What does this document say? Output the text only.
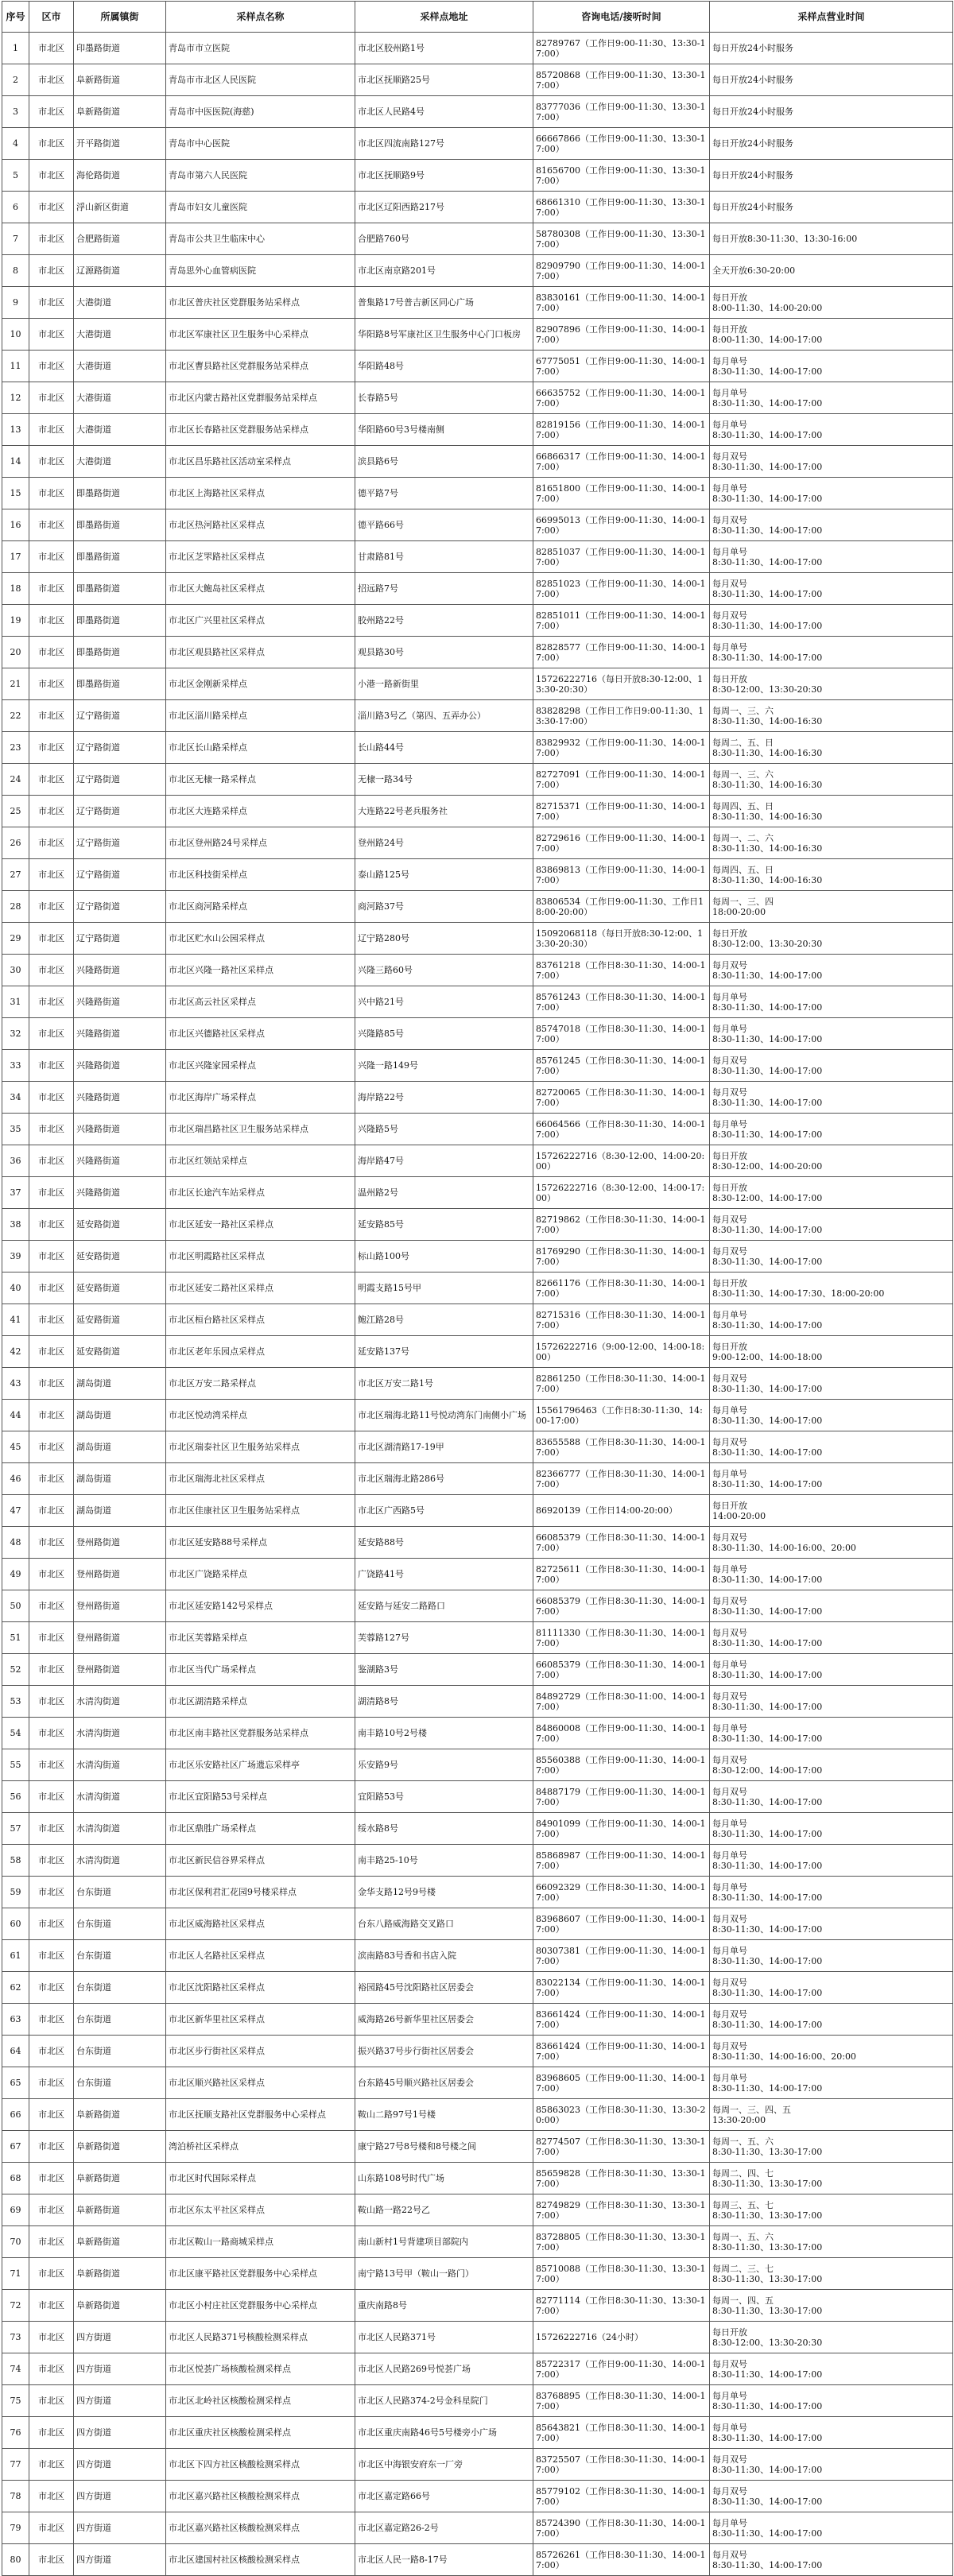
序号	区市	所属镇街	采样点名称	采样点地址	咨询电话/接听时间	采样点营业时间
1	市北区	印墨路街道	青岛市市立医院	市北区胶州路1号	82789767（工作日9:00-11:30、13:30-17:00）	每日开放24小时服务
2	市北区	阜新路街道	青岛市市北区人民医院	市北区抚顺路25号	85720868（工作日9:00-11:30、13:30-17:00）	每日开放24小时服务
3	市北区	阜新路街道	青岛市中医医院(海慈)	市北区人民路4号	83777036（工作日9:00-11:30、13:30-17:00）	每日开放24小时服务
4	市北区	开平路街道	青岛市中心医院	市北区四流南路127号	66667866（工作日9:00-11:30、13:30-17:00）	每日开放24小时服务
5	市北区	海伦路街道	青岛市第六人民医院	市北区抚顺路9号	81656700（工作日9:00-11:30、13:30-17:00）	每日开放24小时服务
6	市北区	浮山新区街道	青岛市妇女儿童医院	市北区辽阳西路217号	68661310（工作日9:00-11:30、13:30-17:00）	每日开放24小时服务
7	市北区	合肥路街道	青岛市公共卫生临床中心	合肥路760号	58780308（工作日9:00-11:30、13:30-17:00）	每日开放8:30-11:30、13:30-16:00
8	市北区	辽源路街道	青岛思外心血管病医院	市北区南京路201号	82909790（工作日9:00-11:30、14:00-17:00）	全天开放6:30-20:00
9	市北区	大港街道	市北区普庆社区党群服务站采样点	普集路17号普吉新区同心广场	83830161（工作日9:00-11:30、14:00-17:00）	每日开放
8:00-11:30、14:00-20:00
10	市北区	大港街道	市北区军康社区卫生服务中心采样点	华阳路8号军康社区卫生服务中心门口板房	82907896（工作日9:00-11:30、14:00-17:00）	每日开放
8:00-11:30、14:00-17:00
11	市北区	大港街道	市北区曹县路社区党群服务站采样点	华阳路48号	67775051（工作日9:00-11:30、14:00-17:00）	每月单号
8:30-11:30、14:00-17:00
12	市北区	大港街道	市北区内蒙古路社区党群服务站采样点	长春路5号	66635752（工作日9:00-11:30、14:00-17:00）	每月单号
8:30-11:30、14:00-17:00
13	市北区	大港街道	市北区长春路社区党群服务站采样点	华阳路60号3号楼南侧	82819156（工作日9:00-11:30、14:00-17:00）	每月单号
8:30-11:30、14:00-17:00
14	市北区	大港街道	市北区昌乐路社区活动室采样点	滨县路6号	66866317（工作日9:00-11:30、14:00-17:00）	每月双号
8:30-11:30、14:00-17:00
15	市北区	即墨路街道	市北区上海路社区采样点	德平路7号	81651800（工作日9:00-11:30、14:00-17:00）	每月单号
8:30-11:30、14:00-17:00
16	市北区	即墨路街道	市北区热河路社区采样点	德平路66号	66995013（工作日9:00-11:30、14:00-17:00）	每月双号
8:30-11:30、14:00-17:00
17	市北区	即墨路街道	市北区芝罘路社区采样点	甘肃路81号	82851037（工作日9:00-11:30、14:00-17:00）	每月单号
8:30-11:30、14:00-17:00
18	市北区	即墨路街道	市北区大鲍岛社区采样点	招远路7号	82851023（工作日9:00-11:30、14:00-17:00）	每月双号
8:30-11:30、14:00-17:00
19	市北区	即墨路街道	市北区广兴里社区采样点	胶州路22号	82851011（工作日9:00-11:30、14:00-17:00）	每月双号
8:30-11:30、14:00-17:00
20	市北区	即墨路街道	市北区观县路社区采样点	观县路30号	82828577（工作日9:00-11:30、14:00-17:00）	每月单号
8:30-11:30、14:00-17:00
21	市北区	即墨路街道	市北区金刚新采样点	小港一路新街里	15726222716（每日开放8:30-12:00、13:30-20:30）	每日开放
8:30-12:00、13:30-20:30
22	市北区	辽宁路街道	市北区淄川路采样点	淄川路3号乙（第四、五弄办公）	83828298（工作日工作日9:00-11:30、13:30-17:00）	每周一、三、六
8:30-11:30、14:00-16:30
23	市北区	辽宁路街道	市北区长山路采样点	长山路44号	83829932（工作日9:00-11:30、14:00-17:00）	每周二、五、日
8:30-11:30、14:00-16:30
24	市北区	辽宁路街道	市北区无棣一路采样点	无棣一路34号	82727091（工作日9:00-11:30、14:00-17:00）	每周一、三、六
8:30-11:30、14:00-16:30
25	市北区	辽宁路街道	市北区大连路采样点	大连路22号老兵服务社	82715371（工作日9:00-11:30、14:00-17:00）	每周四、五、日
8:30-11:30、14:00-16:30
26	市北区	辽宁路街道	市北区登州路24号采样点	登州路24号	82729616（工作日9:00-11:30、14:00-17:00）	每周一、二、六
8:30-11:30、14:00-16:30
27	市北区	辽宁路街道	市北区科技街采样点	泰山路125号	83869813（工作日9:00-11:30、14:00-17:00）	每周四、五、日
8:30-11:30、14:00-16:30
28	市北区	辽宁路街道	市北区商河路采样点	商河路37号	83806534（工作日9:00-11:30、工作日18:00-20:00）	每周一、三、四
18:00-20:00
29	市北区	辽宁路街道	市北区贮水山公园采样点	辽宁路280号	15092068118（每日开放8:30-12:00、13:30-20:30）	每日开放
8:30-12:00、13:30-20:30
30	市北区	兴隆路街道	市北区兴隆一路社区采样点	兴隆三路60号	83761218（工作日8:30-11:30、14:00-17:00）	每月双号
8:30-11:30、14:00-17:00
31	市北区	兴隆路街道	市北区高云社区采样点	兴中路21号	85761243（工作日8:30-11:30、14:00-17:00）	每月单号
8:30-11:30、14:00-17:00
32	市北区	兴隆路街道	市北区兴德路社区采样点	兴隆路85号	85747018（工作日8:30-11:30、14:00-17:00）	每月单号
8:30-11:30、14:00-17:00
33	市北区	兴隆路街道	市北区兴隆家园采样点	兴隆一路149号	85761245（工作日8:30-11:30、14:00-17:00）	每月双号
8:30-11:30、14:00-17:00
34	市北区	兴隆路街道	市北区海岸广场采样点	海岸路22号	82720065（工作日8:30-11:30、14:00-17:00）	每月双号
8:30-11:30、14:00-17:00
35	市北区	兴隆路街道	市北区瑞昌路社区卫生服务站采样点	兴隆路5号	66064566（工作日8:30-11:30、14:00-17:00）	每月单号
8:30-11:30、14:00-17:00
36	市北区	兴隆路街道	市北区红领站采样点	海岸路47号	15726222716（8:30-12:00、14:00-20:00）	每日开放
8:30-12:00、14:00-20:00
37	市北区	兴隆路街道	市北区长途汽车站采样点	温州路2号	15726222716（8:30-12:00、14:00-17:00）	每日开放
8:30-12:00、14:00-17:00
38	市北区	延安路街道	市北区延安一路社区采样点	延安路85号	82719862（工作日8:30-11:30、14:00-17:00）	每月双号
8:30-11:30、14:00-17:00
39	市北区	延安路街道	市北区明霞路社区采样点	标山路100号	81769290（工作日8:30-11:30、14:00-17:00）	每月双号
8:30-11:30、14:00-17:00
40	市北区	延安路街道	市北区延安二路社区采样点	明霞支路15号甲	82661176（工作日8:30-11:30、14:00-17:00）	每日开放
8:30-11:30、14:00-17:30、18:00-20:00
41	市北区	延安路街道	市北区桓台路社区采样点	鲍江路28号	82715316（工作日8:30-11:30、14:00-17:00）	每月单号
8:30-11:30、14:00-17:00
42	市北区	延安路街道	市北区老年乐园点采样点	延安路137号	15726222716（9:00-12:00、14:00-18:00）	每日开放
9:00-12:00、14:00-18:00
43	市北区	湖岛街道	市北区万安二路采样点	市北区万安二路1号	82861250（工作日8:30-11:30、14:00-17:00）	每月双号
8:30-11:30、14:00-17:00
44	市北区	湖岛街道	市北区悦动湾采样点	市北区瑞海北路11号悦动湾东门南侧小广场	15561796463（工作日8:30-11:30、14:00-17:00）	每月单号
8:30-11:30、14:00-17:00
45	市北区	湖岛街道	市北区瑞泰社区卫生服务站采样点	市北区湖清路17-19甲	83655588（工作日8:30-11:30、14:00-17:00）	每月双号
8:30-11:30、14:00-17:00
46	市北区	湖岛街道	市北区瑞海北社区采样点	市北区瑞海北路286号	82366777（工作日8:30-11:30、14:00-17:00）	每月单号
8:30-11:30、14:00-17:00
47	市北区	湖岛街道	市北区佳康社区卫生服务站采样点	市北区广西路5号	86920139（工作日14:00-20:00）	每日开放
14:00-20:00
48	市北区	登州路街道	市北区延安路88号采样点	延安路88号	66085379（工作日8:30-11:30、14:00-17:00）	每月双号
8:30-11:30、14:00-16:00、20:00
49	市北区	登州路街道	市北区广饶路采样点	广饶路41号	82725611（工作日8:30-11:30、14:00-17:00）	每月单号
8:30-11:30、14:00-17:00
50	市北区	登州路街道	市北区延安路142号采样点	延安路与延安二路路口	66085379（工作日8:30-11:30、14:00-17:00）	每月双号
8:30-11:30、14:00-17:00
51	市北区	登州路街道	市北区芙蓉路采样点	芙蓉路127号	81111330（工作日8:30-11:30、14:00-17:00）	每月双号
8:30-11:30、14:00-17:00
52	市北区	登州路街道	市北区当代广场采样点	鉴湖路3号	66085379（工作日8:30-11:30、14:00-17:00）	每月单号
8:30-11:30、14:00-17:00
53	市北区	水清沟街道	市北区湖清路采样点	湖清路8号	84892729（工作日8:30-11:00、14:00-17:00）	每月双号
8:30-11:30、14:00-17:00
54	市北区	水清沟街道	市北区南丰路社区党群服务站采样点	南丰路10号2号楼	84860008（工作日9:00-11:30、14:00-17:00）	每月单号
8:30-11:30、14:00-17:00
55	市北区	水清沟街道	市北区乐安路社区广场遗忘采样亭	乐安路9号	85560388（工作日9:00-11:30、14:00-17:00）	每月双号
8:30-12:00、14:00-17:00
56	市北区	水清沟街道	市北区宜阳路53号采样点	宜阳路53号	84887179（工作日9:00-11:30、14:00-17:00）	每月双号
8:30-11:30、14:00-17:00
57	市北区	水清沟街道	市北区鼎胜广场采样点	绥水路8号	84901099（工作日9:00-11:30、14:00-17:00）	每月单号
8:30-11:30、14:00-17:00
58	市北区	水清沟街道	市北区新民信谷界采样点	南丰路25-10号	85868987（工作日9:00-11:30、14:00-17:00）	每月单号
8:30-11:30、14:00-17:00
59	市北区	台东街道	市北区保利君汇花园9号楼采样点	金华支路12号9号楼	66092329（工作日8:30-11:30、14:00-17:00）	每月单号
8:30-11:30、14:00-17:00
60	市北区	台东街道	市北区威海路社区采样点	台东八路威海路交叉路口	83968607（工作日9:00-11:30、14:00-17:00）	每月双号
8:30-11:30、14:00-17:00
61	市北区	台东街道	市北区人名路社区采样点	滨南路83号香和书店入院	80307381（工作日9:00-11:30、14:00-17:00）	每月单号
8:30-11:30、14:00-17:00
62	市北区	台东街道	市北区沈阳路社区采样点	裕园路45号沈阳路社区居委会	83022134（工作日9:00-11:30、14:00-17:00）	每月双号
8:30-11:30、14:00-17:00
63	市北区	台东街道	市北区新华里社区采样点	威海路26号新华里社区居委会	83661424（工作日9:00-11:30、14:00-17:00）	每月双号
8:30-11:30、14:00-17:00
64	市北区	台东街道	市北区步行街社区采样点	振兴路37号步行街社区居委会	83661424（工作日9:00-11:30、14:00-17:00）	每月双号
8:30-11:30、14:00-16:00、20:00
65	市北区	台东街道	市北区顺兴路社区采样点	台东路45号顺兴路社区居委会	83968605（工作日9:00-11:30、14:00-17:00）	每月单号
8:30-11:30、14:00-17:00
66	市北区	阜新路街道	市北区抚顺支路社区党群服务中心采样点	鞍山二路97号1号楼	85863023（工作日8:30-11:30、13:30-20:00）	每周一、三、四、五
13:30-20:00
67	市北区	阜新路街道	湾泊桥社区采样点	康宁路27号8号楼和8号楼之间	82774507（工作日8:30-11:30、13:30-17:00）	每周一、五、六
8:30-11:30、13:30-17:00
68	市北区	阜新路街道	市北区时代国际采样点	山东路108号时代广场	85659828（工作日8:30-11:30、13:30-17:00）	每周二、四、七
8:30-11:30、13:30-17:00
69	市北区	阜新路街道	市北区东太平社区采样点	鞍山路一路22号乙	82749829（工作日8:30-11:30、13:30-17:00）	每周三、五、七
8:30-11:30、13:30-17:00
70	市北区	阜新路街道	市北区鞍山一路商城采样点	南山新村1号背建项目部院内	83728805（工作日8:30-11:30、13:30-17:00）	每周一、五、六
8:30-11:30、13:30-17:00
71	市北区	阜新路街道	市北区康平路社区党群服务中心采样点	南宁路13号甲（鞍山一路门）	85710088（工作日8:30-11:30、13:30-17:00）	每周二、三、七
8:30-11:30、13:30-17:00
72	市北区	阜新路街道	市北区小村庄社区党群服务中心采样点	重庆南路8号	82771114（工作日8:30-11:30、13:30-17:00）	每周一、四、五
8:30-11:30、13:30-17:00
73	市北区	四方街道	市北区人民路371号核酸检测采样点	市北区人民路371号	15726222716（24小时）	每日开放
8:30-12:00、13:30-20:30
74	市北区	四方街道	市北区悦荟广场核酸检测采样点	市北区人民路269号悦荟广场	85722317（工作日9:00-11:30、14:00-17:00）	每月双号
8:30-11:30、14:00-17:00
75	市北区	四方街道	市北区北岭社区核酸检测采样点	市北区人民路374-2号金科星院门	83768895（工作日8:30-11:30、14:00-17:00）	每月单号
8:30-11:30、14:00-17:00
76	市北区	四方街道	市北区重庆社区核酸检测采样点	市北区重庆南路46号5号楼旁小广场	85643821（工作日8:30-11:30、14:00-17:00）	每月单号
8:30-11:30、14:00-17:00
77	市北区	四方街道	市北区下四方社区核酸检测采样点	市北区中海银安府东一厂旁	83725507（工作日8:30-11:30、14:00-17:00）	每月双号
8:30-11:30、14:00-17:00
78	市北区	四方街道	市北区嘉兴路社区核酸检测采样点	市北区嘉定路66号	85779102（工作日8:30-11:30、14:00-17:00）	每月双号
8:30-11:30、14:00-17:00
79	市北区	四方街道	市北区嘉兴路社区核酸检测采样点	市北区嘉定路26-2号	85724390（工作日8:30-11:30、14:00-17:00）	每月单号
8:30-11:30、14:00-17:00
80	市北区	四方街道	市北区建国村社区核酸检测采样点	市北区人民一路8-17号	85726261（工作日8:30-11:30、14:00-17:00）	每月双号
8:30-11:30、14:00-17:00
